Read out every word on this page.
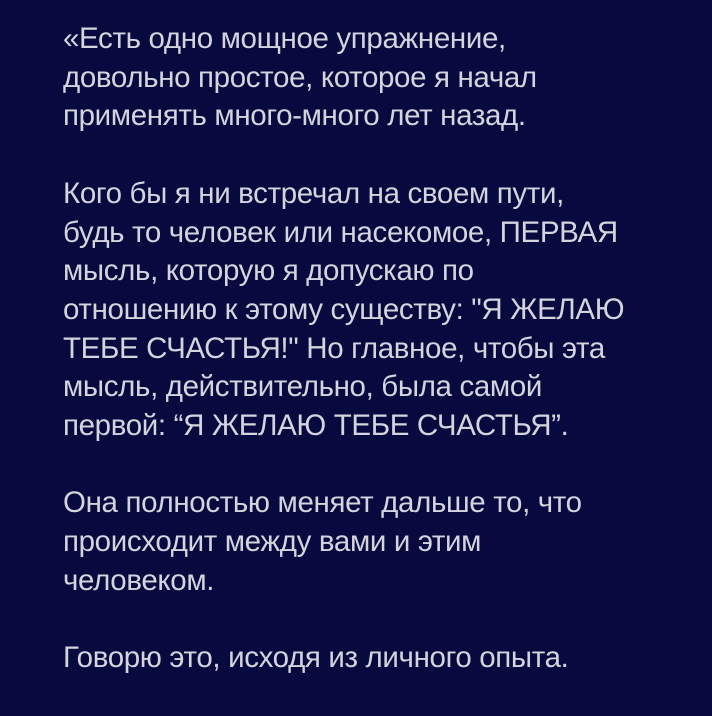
«Есть одно мощное упражнение,
довольно простое, которое я начал
применять много-много лет назад.

Кого бы я ни встречал на своем пути,
будь то человек или насекомое, ПЕРВАЯ
мысль, которую я допускаю по
отношению к этому существу: "Я ЖЕЛАЮ
ТЕБЕ СЧАСТЬЯ!" Но главное, чтобы эта
мысль, действительно, была самой
первой: “Я ЖЕЛАЮ ТЕБЕ СЧАСТЬЯ”.

Она полностью меняет дальше то, что
происходит между вами и этим
человеком.

Говорю это, исходя из личного опыта.
